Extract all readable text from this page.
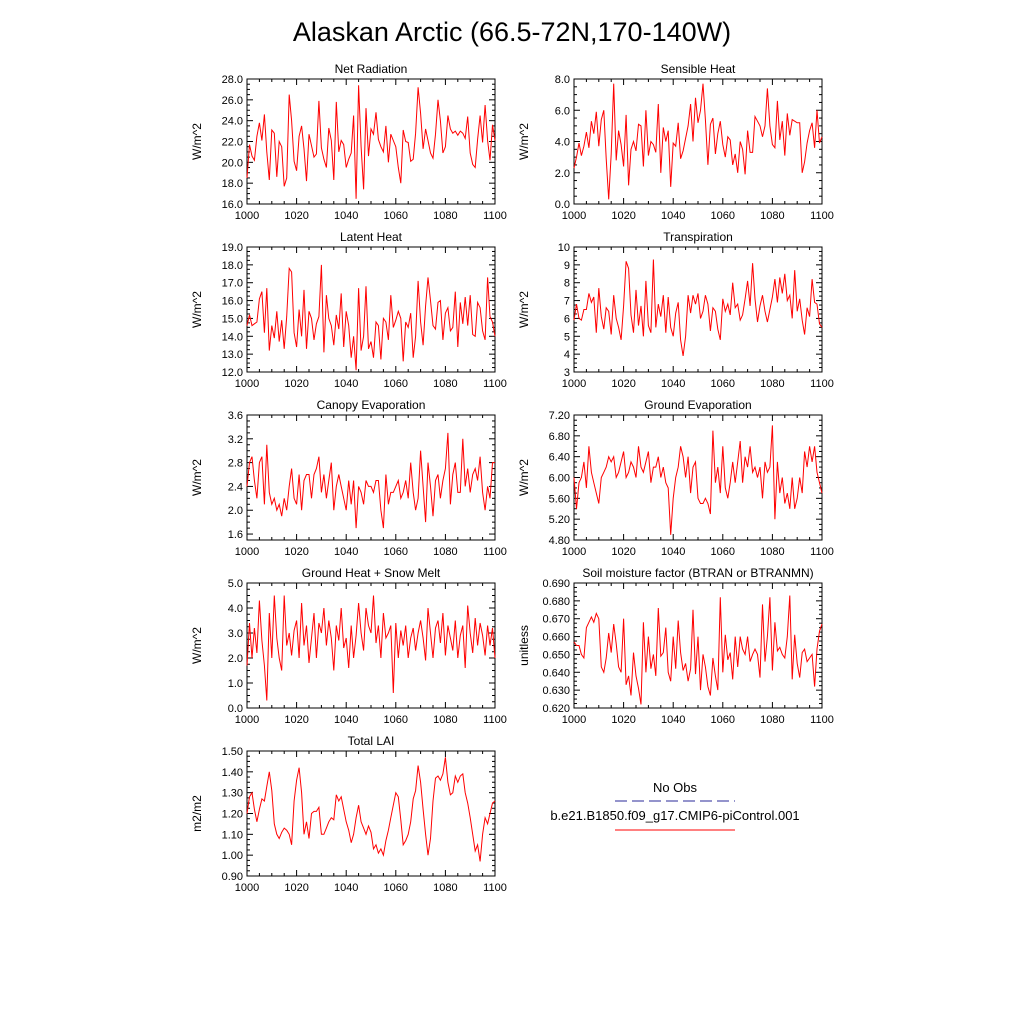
Alaskan Arctic (66.5-72N,170-140W)
Net Radiation
W/m^2
1000 1020 1040 1060 1080 1100
16.0
18.0
20.0
22.0
24.0
26.0
28.0
Sensible Heat
W/m^2
1000 1020 1040 1060 1080 1100
0.0
2.0
4.0
6.0
8.0
Latent Heat
W/m^2
1000 1020 1040 1060 1080 1100
12.0
13.0
14.0
15.0
16.0
17.0
18.0
19.0
Transpiration
W/m^2
1000 1020 1040 1060 1080 1100
3
4
5
6
7
8
9
10
Canopy Evaporation
W/m^2
1000 1020 1040 1060 1080 1100
1.6
2.0
2.4
2.8
3.2
3.6
Ground Evaporation
W/m^2
1000 1020 1040 1060 1080 1100
4.80
5.20
5.60
6.00
6.40
6.80
7.20
Ground Heat + Snow Melt
W/m^2
1000 1020 1040 1060 1080 1100
0.0
1.0
2.0
3.0
4.0
5.0
Soil moisture factor (BTRAN or BTRANMN)
unitless
1000 1020 1040 1060 1080 1100
0.620
0.630
0.640
0.650
0.660
0.670
0.680
0.690
Total LAI
m2/m2
1000 1020 1040 1060 1080 1100
0.90
1.00
1.10
1.20
1.30
1.40
1.50
No Obs
b.e21.B1850.f09_g17.CMIP6-piControl.001
